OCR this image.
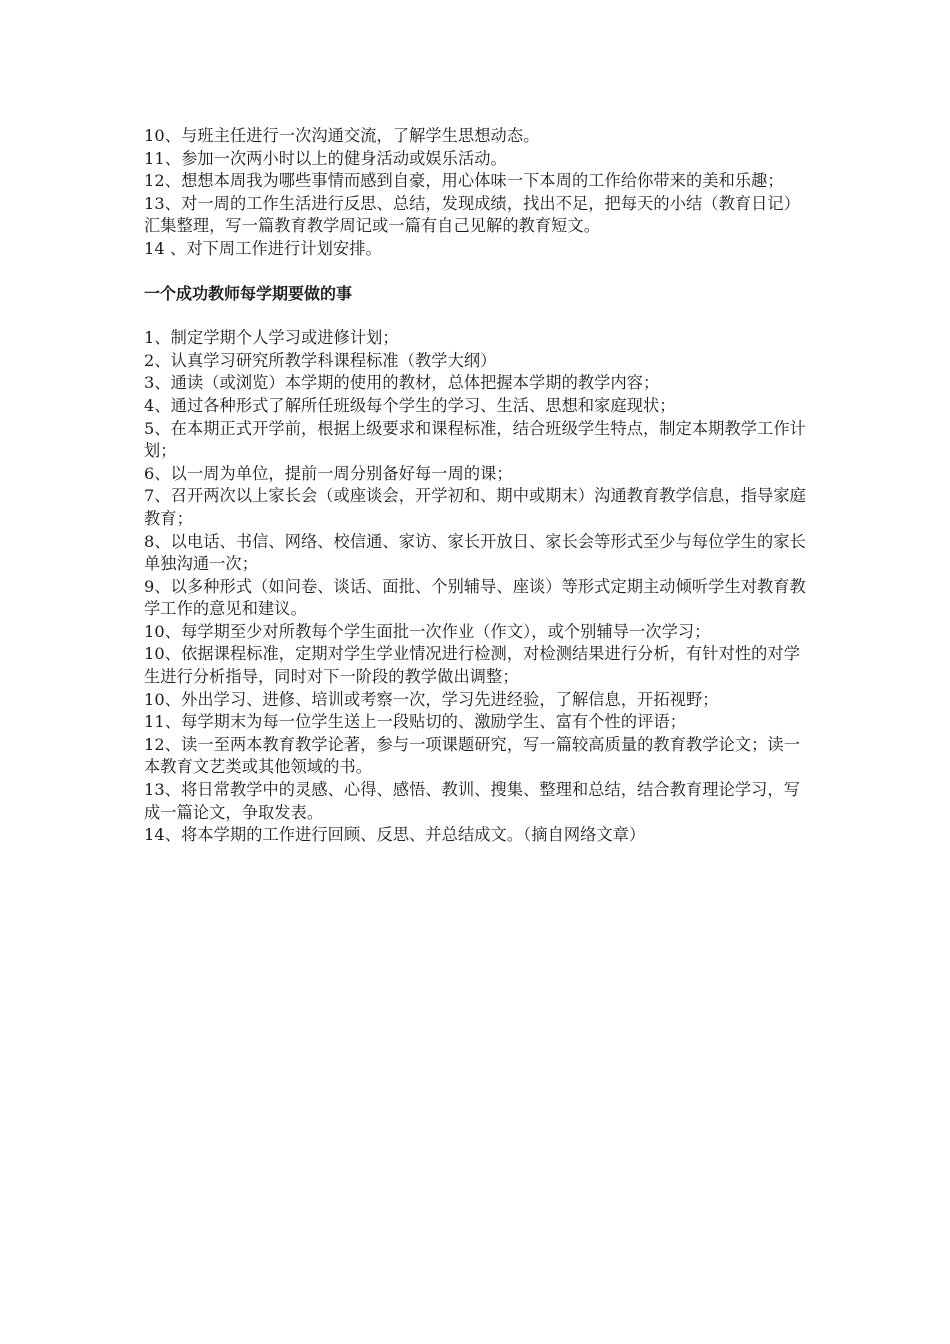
10、与班主任进行一次沟通交流，了解学生思想动态。

11、参加一次两小时以上的健身活动或娱乐活动。

12、想想本周我为哪些事情而感到自豪，用心体味一下本周的工作给你带来的美和乐趣；

13、对一周的工作生活进行反思、总结，发现成绩，找出不足，把每天的小结（教育日记）汇集整理，写一篇教育教学周记或一篇有自己见解的教育短文。

14 、对下周工作进行计划安排。

一个成功教师每学期要做的事

1、制定学期个人学习或进修计划；

2、认真学习研究所教学科课程标准（教学大纲）

3、通读（或浏览）本学期的使用的教材，总体把握本学期的教学内容；

4、通过各种形式了解所任班级每个学生的学习、生活、思想和家庭现状；

5、在本期正式开学前，根据上级要求和课程标准，结合班级学生特点，制定本期教学工作计划；

6、以一周为单位，提前一周分别备好每一周的课；

7、召开两次以上家长会（或座谈会，开学初和、期中或期末）沟通教育教学信息，指导家庭教育；

8、以电话、书信、网络、校信通、家访、家长开放日、家长会等形式至少与每位学生的家长单独沟通一次；

9、以多种形式（如问卷、谈话、面批、个别辅导、座谈）等形式定期主动倾听学生对教育教学工作的意见和建议。

10、每学期至少对所教每个学生面批一次作业（作文），或个别辅导一次学习；

10、依据课程标准，定期对学生学业情况进行检测，对检测结果进行分析，有针对性的对学生进行分析指导，同时对下一阶段的教学做出调整；

10、外出学习、进修、培训或考察一次，学习先进经验，了解信息，开拓视野；

11、每学期末为每一位学生送上一段贴切的、激励学生、富有个性的评语；

12、读一至两本教育教学论著，参与一项课题研究，写一篇较高质量的教育教学论文；读一本教育文艺类或其他领域的书。

13、将日常教学中的灵感、心得、感悟、教训、搜集、整理和总结，结合教育理论学习，写成一篇论文，争取发表。

14、将本学期的工作进行回顾、反思、并总结成文。（摘自网络文章）
